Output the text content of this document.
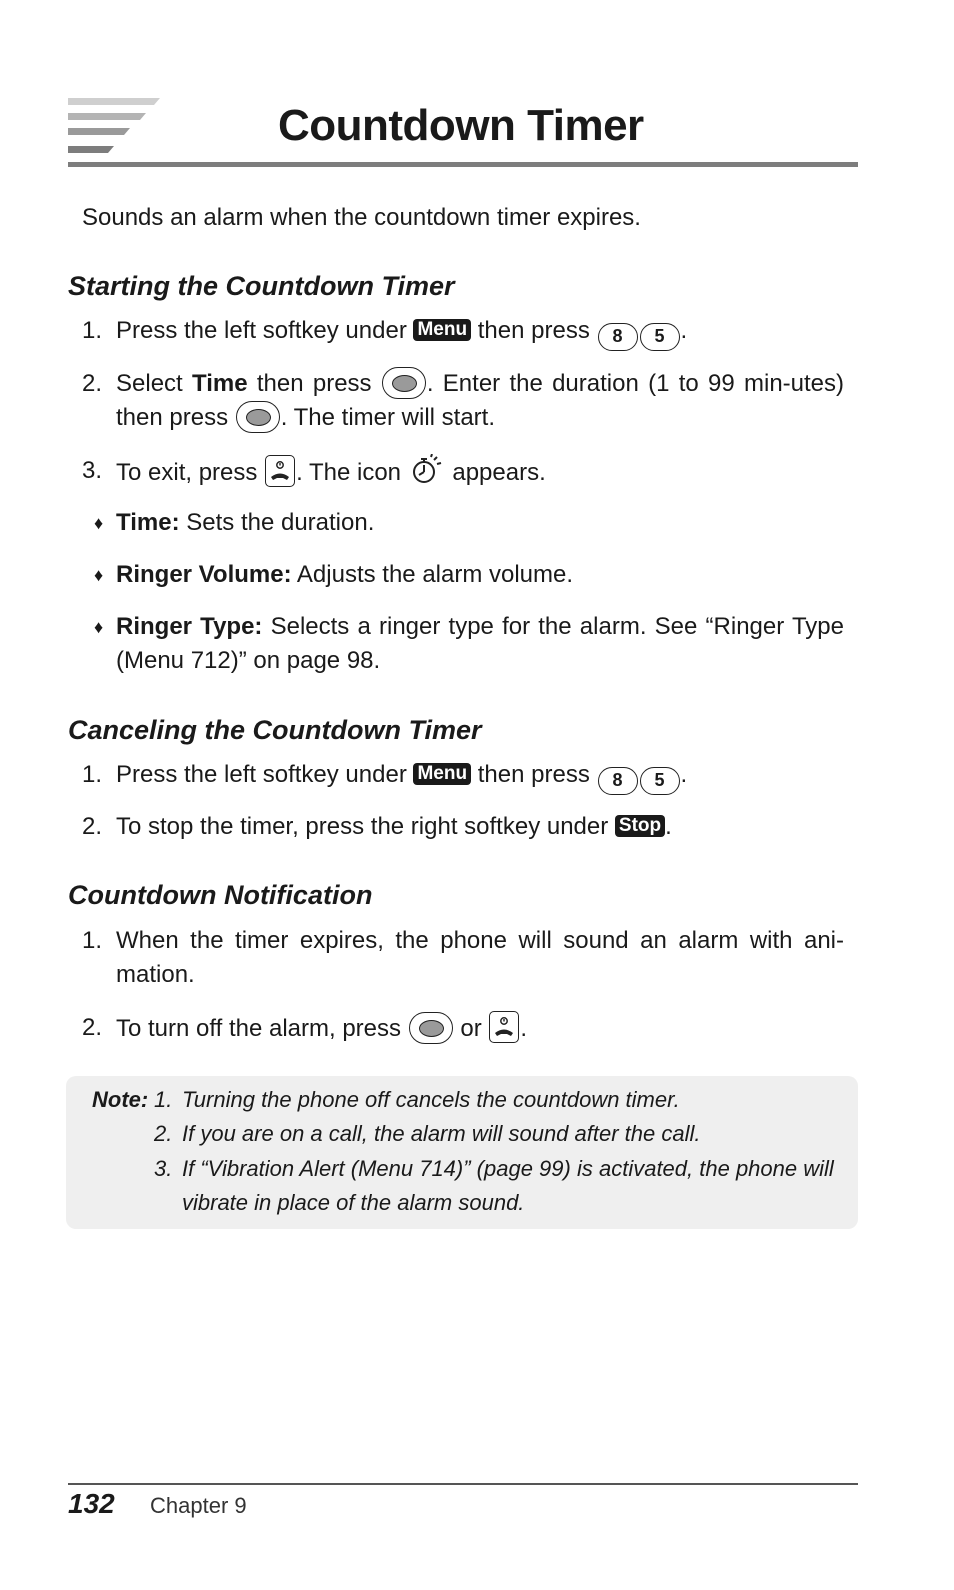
Countdown Timer
Sounds an alarm when the countdown timer expires.
Starting the Countdown Timer
1. Press the left softkey under Menu then press 8 5 .
2. Select Time then press . Enter the duration (1 to 99 min-utes) then press . The timer will start.
3. To exit, press
. The icon  appears.
♦ Time: Sets the duration.
♦ Ringer Volume: Adjusts the alarm volume.
♦ Ringer Type: Selects a ringer type for the alarm. See “Ringer Type (Menu 712)” on page 98.
Canceling the Countdown Timer
1. Press the left softkey under Menu then press 8 5 .
2. To stop the timer, press the right softkey under Stop .
Countdown Notification
1. When the timer expires, the phone will sound an alarm with ani-mation.
2. To turn off the alarm, press  or
.
Note: 1. Turning the phone off cancels the countdown timer.
2. If you are on a call, the alarm will sound after the call.
3. If “Vibration Alert (Menu 714)” (page 99) is activated, the phone will vibrate in place of the alarm sound.
132 Chapter 9
